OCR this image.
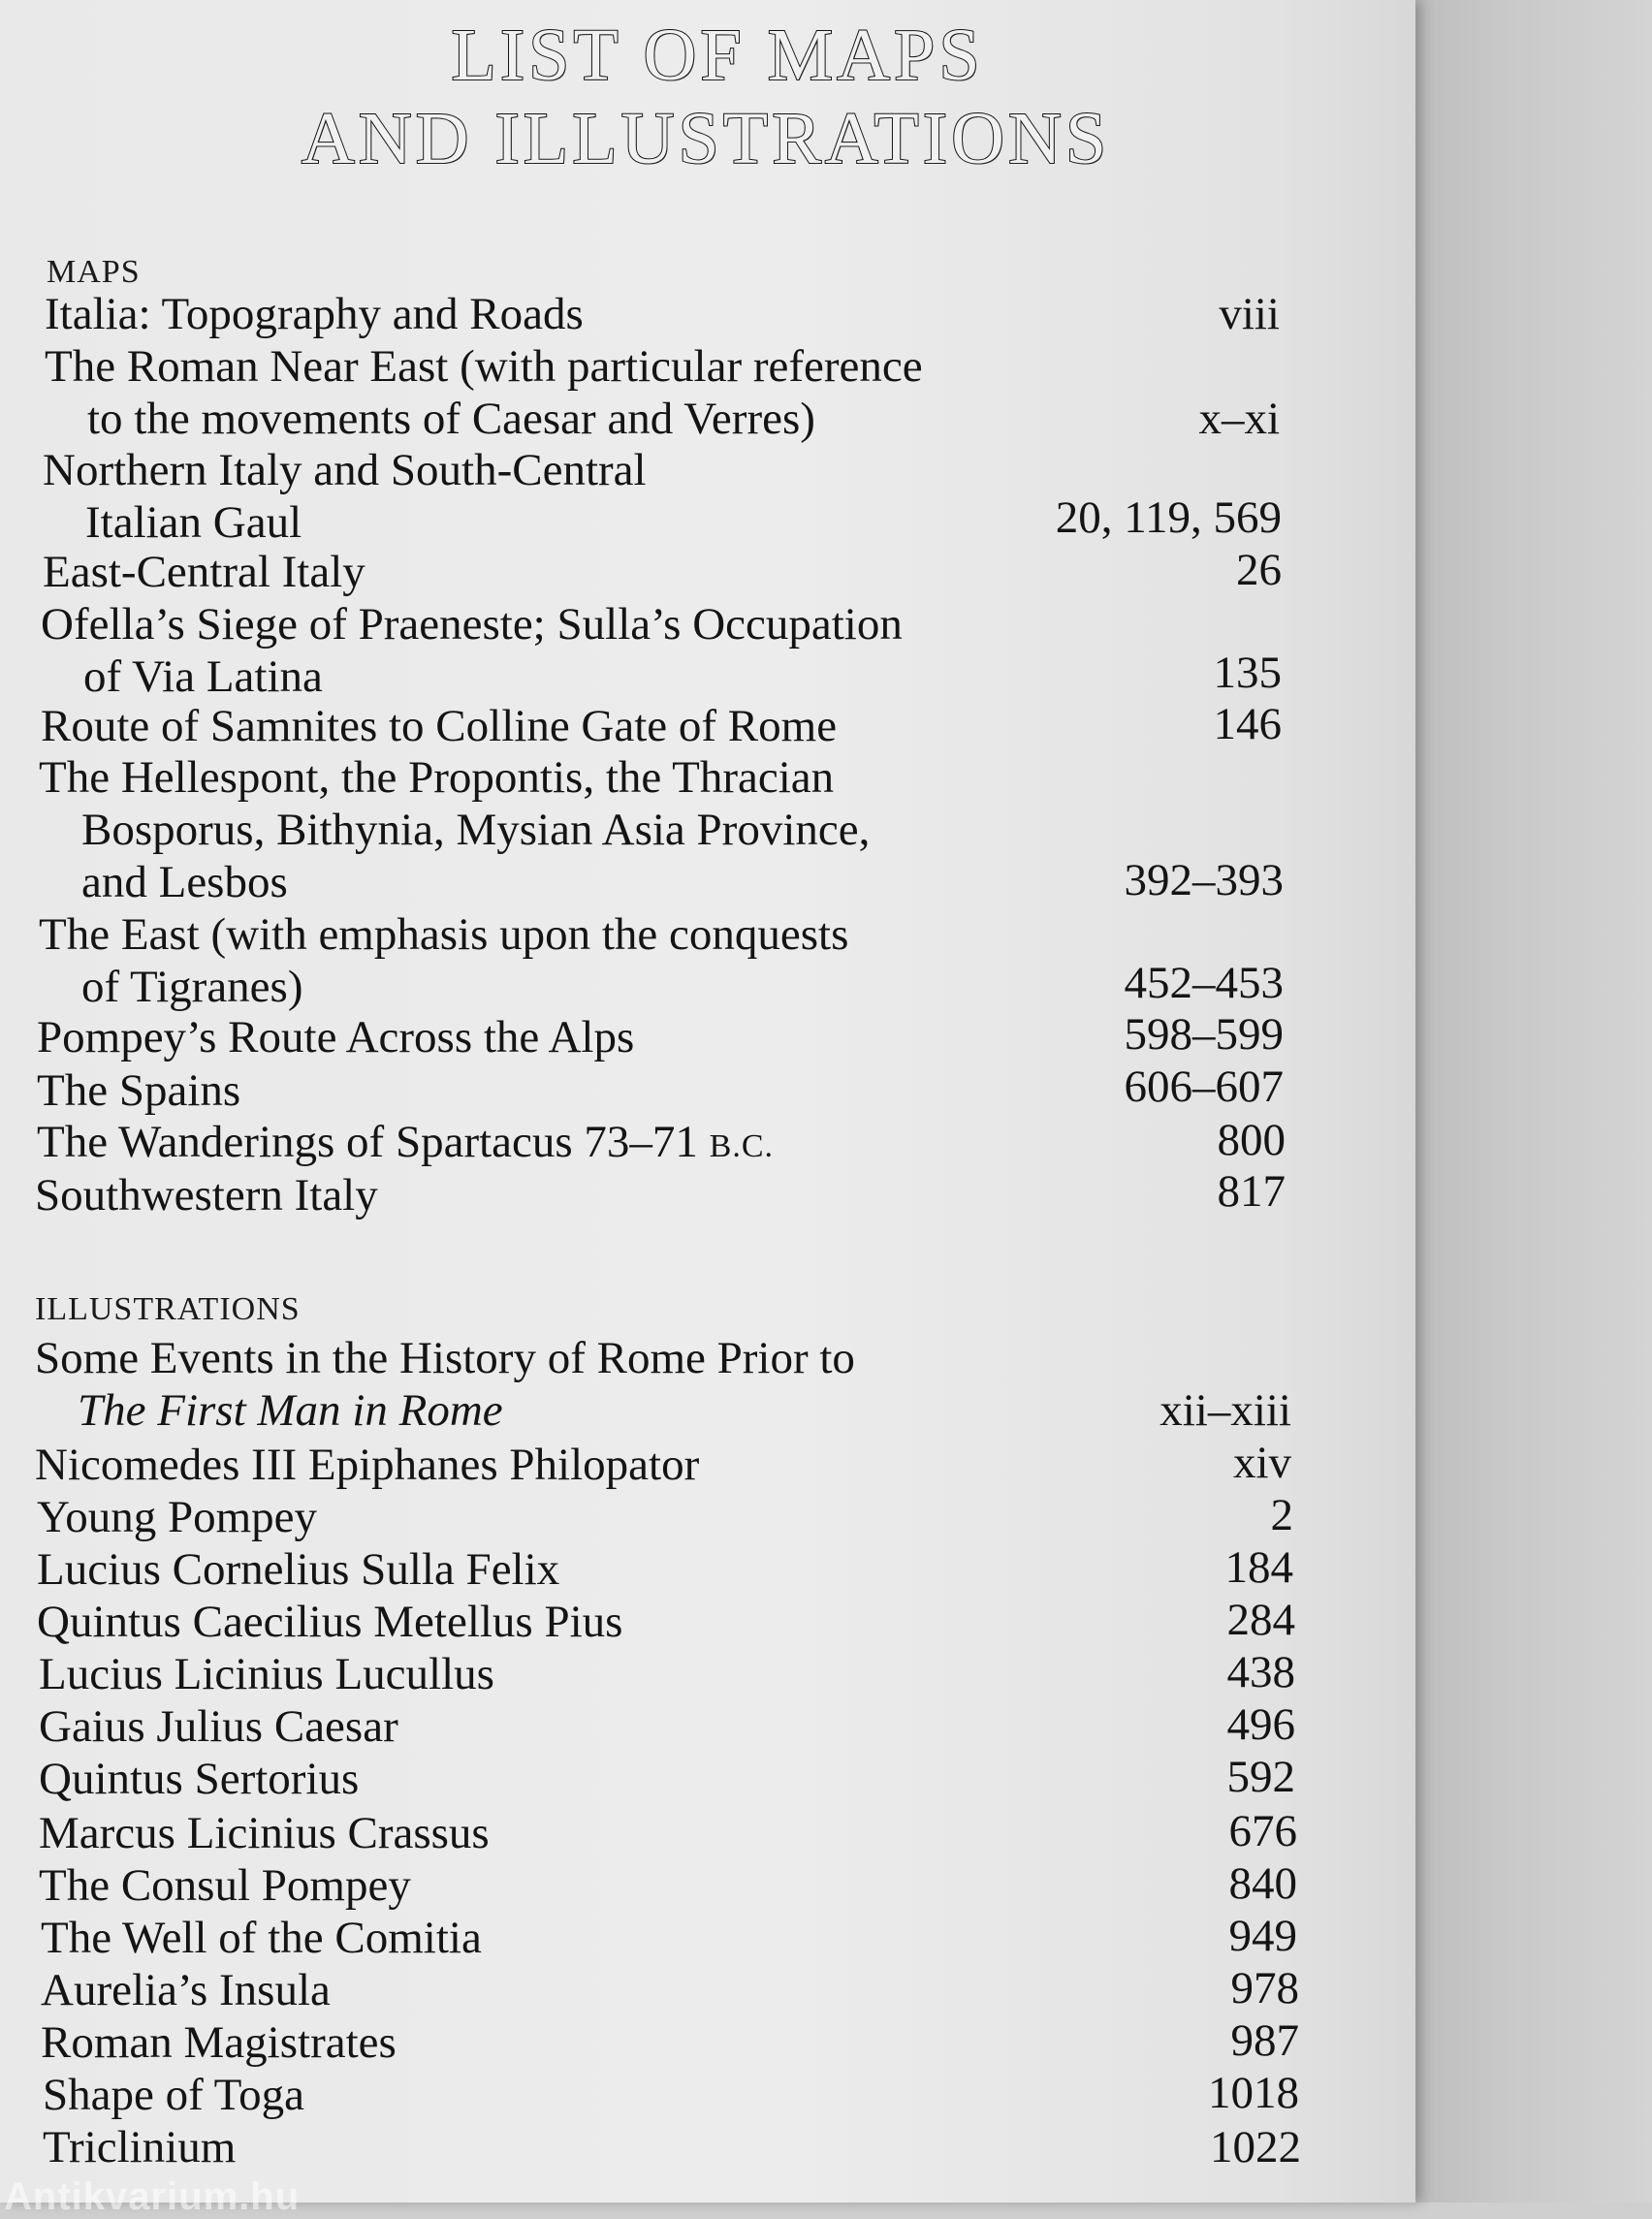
LIST OF MAPS
AND ILLUSTRATIONS
MAPS
Italia: Topography and Roads	viii
The Roman Near East (with particular reference
to the movements of Caesar and Verres)	x–xi
Northern Italy and South-Central
Italian Gaul	20, 119, 569
East-Central Italy	26
Ofella’s Siege of Praeneste; Sulla’s Occupation
of Via Latina	135
Route of Samnites to Colline Gate of Rome	146
The Hellespont, the Propontis, the Thracian
Bosporus, Bithynia, Mysian Asia Province,
and Lesbos	392–393
The East (with emphasis upon the conquests
of Tigranes)	452–453
Pompey’s Route Across the Alps	598–599
The Spains	606–607
The Wanderings of Spartacus 73–71 B.C.	800
Southwestern Italy	817
ILLUSTRATIONS
Some Events in the History of Rome Prior to
The First Man in Rome	xii–xiii
Nicomedes III Epiphanes Philopator	xiv
Young Pompey	2
Lucius Cornelius Sulla Felix	184
Quintus Caecilius Metellus Pius	284
Lucius Licinius Lucullus	438
Gaius Julius Caesar	496
Quintus Sertorius	592
Marcus Licinius Crassus	676
The Consul Pompey	840
The Well of the Comitia	949
Aurelia’s Insula	978
Roman Magistrates	987
Shape of Toga	1018
Triclinium	1022
Antikvarium.hu
